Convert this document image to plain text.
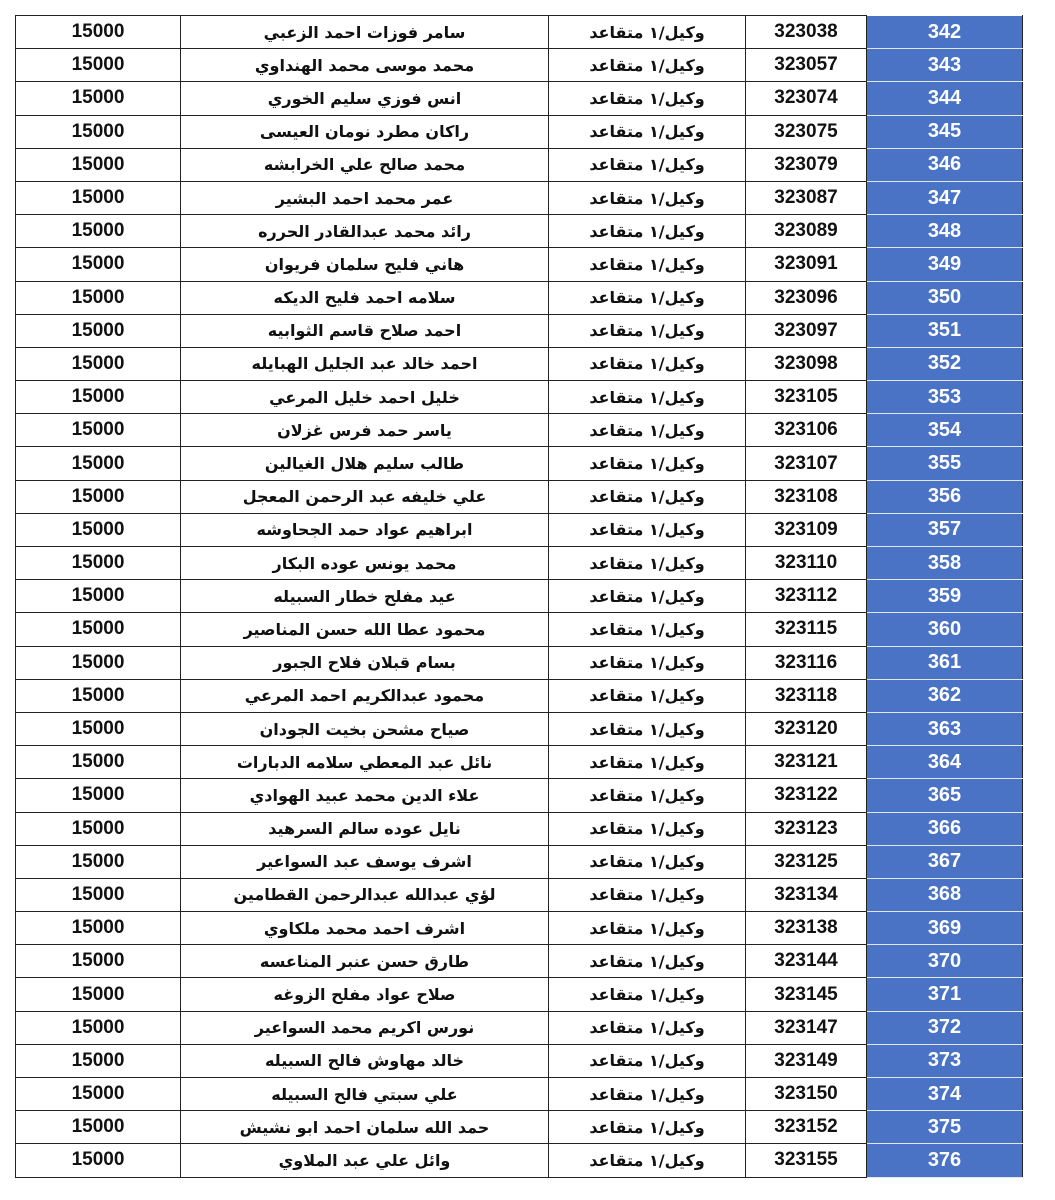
15000	سامر فوزات احمد الزعبي	وكيل/١ متقاعد	323038	342
15000	محمد موسى محمد الهنداوي	وكيل/١ متقاعد	323057	343
15000	انس فوزي سليم الخوري	وكيل/١ متقاعد	323074	344
15000	راكان مطرد نومان العيسى	وكيل/١ متقاعد	323075	345
15000	محمد صالح علي الخرابشه	وكيل/١ متقاعد	323079	346
15000	عمر محمد احمد البشير	وكيل/١ متقاعد	323087	347
15000	رائد محمد عبدالقادر الحرره	وكيل/١ متقاعد	323089	348
15000	هاني فليح سلمان فريوان	وكيل/١ متقاعد	323091	349
15000	سلامه احمد فليح الديكه	وكيل/١ متقاعد	323096	350
15000	احمد صلاح قاسم الثوابيه	وكيل/١ متقاعد	323097	351
15000	احمد خالد عبد الجليل الهبايله	وكيل/١ متقاعد	323098	352
15000	خليل احمد خليل المرعي	وكيل/١ متقاعد	323105	353
15000	ياسر حمد فرس غزلان	وكيل/١ متقاعد	323106	354
15000	طالب سليم هلال الغيالين	وكيل/١ متقاعد	323107	355
15000	علي خليفه عبد الرحمن المعجل	وكيل/١ متقاعد	323108	356
15000	ابراهيم عواد حمد الجحاوشه	وكيل/١ متقاعد	323109	357
15000	محمد يونس عوده البكار	وكيل/١ متقاعد	323110	358
15000	عيد مفلح خطار السبيله	وكيل/١ متقاعد	323112	359
15000	محمود عطا الله حسن المناصير	وكيل/١ متقاعد	323115	360
15000	بسام قبلان فلاح الجبور	وكيل/١ متقاعد	323116	361
15000	محمود عبدالكريم احمد المرعي	وكيل/١ متقاعد	323118	362
15000	صياح مشحن بخيت الجودان	وكيل/١ متقاعد	323120	363
15000	نائل عبد المعطي سلامه الدبارات	وكيل/١ متقاعد	323121	364
15000	علاء الدين محمد عبيد الهوادي	وكيل/١ متقاعد	323122	365
15000	نايل عوده سالم السرهيد	وكيل/١ متقاعد	323123	366
15000	اشرف يوسف عبد السواعير	وكيل/١ متقاعد	323125	367
15000	لؤي عبدالله عبدالرحمن القطامين	وكيل/١ متقاعد	323134	368
15000	اشرف احمد محمد ملكاوي	وكيل/١ متقاعد	323138	369
15000	طارق حسن عنبر المناعسه	وكيل/١ متقاعد	323144	370
15000	صلاح عواد مفلح الزوغه	وكيل/١ متقاعد	323145	371
15000	نورس اكريم محمد السواعير	وكيل/١ متقاعد	323147	372
15000	خالد مهاوش فالح السبيله	وكيل/١ متقاعد	323149	373
15000	علي سبتي فالح السبيله	وكيل/١ متقاعد	323150	374
15000	حمد الله سلمان احمد ابو نشيش	وكيل/١ متقاعد	323152	375
15000	وائل علي عبد الملاوي	وكيل/١ متقاعد	323155	376
